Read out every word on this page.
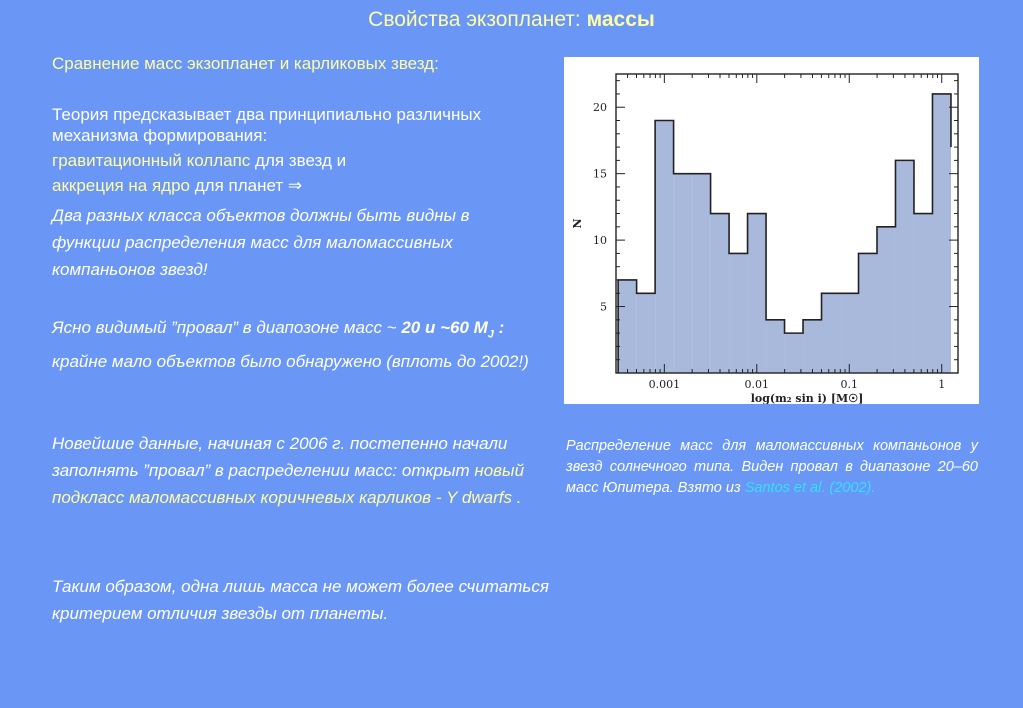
Свойства экзопланет: массы
Сравнение масс экзопланет и карликовых звезд:
Теория предсказывает два принципиально различных механизма формирования:
гравитационный коллапс для звезд и
аккреция на ядро для планет ⇒
Два разных класса объектов должны быть видны в функции распределения масс для маломассивных компаньонов звезд!
Ясно видимый ”провал” в диапозоне масс ~ 20 и ~60 $M_J$ : крайне мало объектов было обнаружено (вплоть до 2002!)
Новейшие данные, начиная с 2006 г. постепенно начали заполнять ”провал” в распределении масс: открыт новый подкласс маломассивных коричневых карликов - Y dwarfs .
Таким образом, одна лишь масса не может более считаться критерием отличия звезды от планеты.
5
10
15
20
0.001	0.01	0.1	1
log(m₂ sin i) [M☉]
N
Распределение масс для маломассивных компаньонов у звезд солнечного типа. Виден провал в диапазоне 20–60 масс Юпитера. Взято из Santos et al. (2002).
